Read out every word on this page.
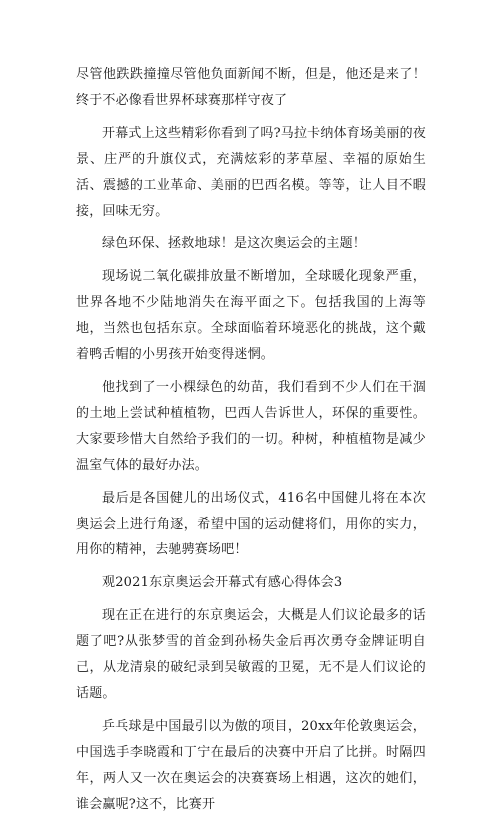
尽管他跌跌撞撞尽管他负面新闻不断，但是，他还是来了！终于不必像看世界杯球赛那样守夜了

开幕式上这些精彩你看到了吗?马拉卡纳体育场美丽的夜景、庄严的升旗仪式，充满炫彩的茅草屋、幸福的原始生活、震撼的工业革命、美丽的巴西名模。等等，让人目不暇接，回味无穷。

绿色环保、拯救地球！是这次奥运会的主题！

现场说二氧化碳排放量不断增加，全球暖化现象严重，世界各地不少陆地消失在海平面之下。包括我国的上海等地，当然也包括东京。全球面临着环境恶化的挑战，这个戴着鸭舌帽的小男孩开始变得迷惘。

他找到了一小棵绿色的幼苗，我们看到不少人们在干涸的土地上尝试种植植物，巴西人告诉世人，环保的重要性。大家要珍惜大自然给予我们的一切。种树，种植植物是减少温室气体的最好办法。

最后是各国健儿的出场仪式，416名中国健儿将在本次奥运会上进行角逐，希望中国的运动健将们，用你的实力，用你的精神，去驰骋赛场吧！

观2021东京奥运会开幕式有感心得体会3

现在正在进行的东京奥运会，大概是人们议论最多的话题了吧?从张梦雪的首金到孙杨失金后再次勇夺金牌证明自己，从龙清泉的破纪录到吴敏霞的卫冕，无不是人们议论的话题。

乒乓球是中国最引以为傲的项目，20xx年伦敦奥运会，中国选手李晓霞和丁宁在最后的决赛中开启了比拼。时隔四年，两人又一次在奥运会的决赛赛场上相遇，这次的她们，谁会赢呢?这不，比赛开
